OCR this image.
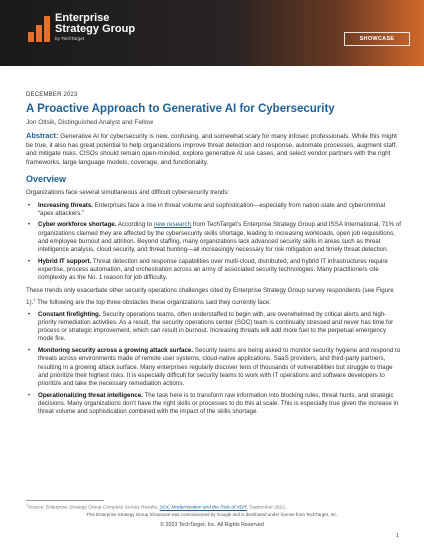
Enterprise
Strategy Group
by TechTarget	SHOWCASE
DECEMBER 2023
A Proactive Approach to Generative AI for Cybersecurity
Jon Oltsik, Distinguished Analyst and Fellow
Abstract: Generative AI for cybersecurity is new, confusing, and somewhat scary for many infosec professionals. While this might be true, it also has great potential to help organizations improve threat detection and response, automate processes, augment staff, and mitigate risks. CISOs should remain open-minded, explore generative AI use cases, and select vendor partners with the right frameworks, large language models, coverage, and functionality.
Overview

Organizations face several simultaneous and difficult cybersecurity trends:

• Increasing threats. Enterprises face a rise in threat volume and sophistication—especially from nation-state and cybercriminal “apex attackers.”
• Cyber workforce shortage. According to new research from TechTarget’s Enterprise Strategy Group and ISSA International, 71% of organizations claimed they are affected by the cybersecurity skills shortage, leading to increasing workloads, open job requisitions, and employee burnout and attrition. Beyond staffing, many organizations lack advanced security skills in areas such as threat intelligence analysis, cloud security, and threat hunting—all increasingly necessary for risk mitigation and timely threat detection.
• Hybrid IT support. Threat detection and response capabilities over multi-cloud, distributed, and hybrid IT infrastructures require expertise, process automation, and orchestration across an army of associated security technologies. Many practitioners cite complexity as the No. 1 reason for job difficulty.

These trends only exacerbate other security operations challenges cited by Enterprise Strategy Group survey respondents (see Figure 1).$^1$ The following are the top three obstacles these organizations said they currently face:

• Constant firefighting. Security operations teams, often understaffed to begin with, are overwhelmed by critical alerts and high-priority remediation activities. As a result, the security operations center (SOC) team is continually stressed and never has time for process or strategic improvement, which can result in burnout. Increasing threats will add more fuel to the perpetual emergency mode fire.
• Monitoring security across a growing attack surface. Security teams are being asked to monitor security hygiene and respond to threats across environments made of remote user systems, cloud-native applications, SaaS providers, and third-party partners, resulting in a growing attack surface. Many enterprises regularly discover tens of thousands of vulnerabilities but struggle to triage and prioritize their highest risks. It is especially difficult for security teams to work with IT operations and software developers to prioritize and take the necessary remediation actions.
• Operationalizing threat intelligence. The task here is to transform raw information into blocking rules, threat hunts, and strategic decisions. Many organizations don’t have the right skills or processes to do this at scale. This is especially true given the increase in threat volume and sophistication combined with the impact of the skills shortage.
$^1$Source: Enterprise Strategy Group Complete Survey Results, SOC Modernization and the Role of XDR, September 2022.
This Enterprise Strategy Group Showcase was commissioned by Google and is distributed under license from TechTarget, Inc.
© 2023 TechTarget, Inc. All Rights Reserved
1
